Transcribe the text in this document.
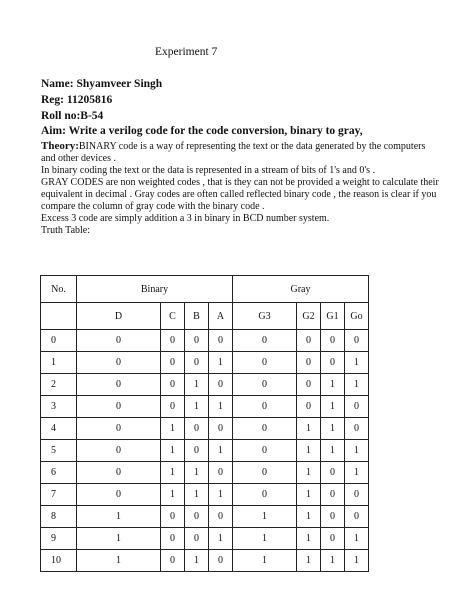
Experiment 7
Name: Shyamveer Singh
Reg: 11205816
Roll no:B-54
Aim: Write a verilog code for the code conversion, binary to gray,

Theory:BINARY code is a way of representing the text or the data generated by the computers and other devices .

In binary coding the text or the data is represented in a stream of bits of 1's and 0's .

GRAY CODES are non weighted codes , that is they can not be provided a weight to calculate their equivalent in decimal . Gray codes are often called reflected binary code , the reason is clear if you compare the column of gray code with the binary code .

Excess 3 code are simply addition a 3 in binary in BCD number system.

Truth Table:

No.	Binary				Gray			
	D	C	B	A	G3	G2	G1	Go
0	0	0	0	0	0	0	0	0
1	0	0	0	1	0	0	0	1
2	0	0	1	0	0	0	1	1
3	0	0	1	1	0	0	1	0
4	0	1	0	0	0	1	1	0
5	0	1	0	1	0	1	1	1
6	0	1	1	0	0	1	0	1
7	0	1	1	1	0	1	0	0
8	1	0	0	0	1	1	0	0
9	1	0	0	1	1	1	0	1
10	1	0	1	0	1	1	1	1
